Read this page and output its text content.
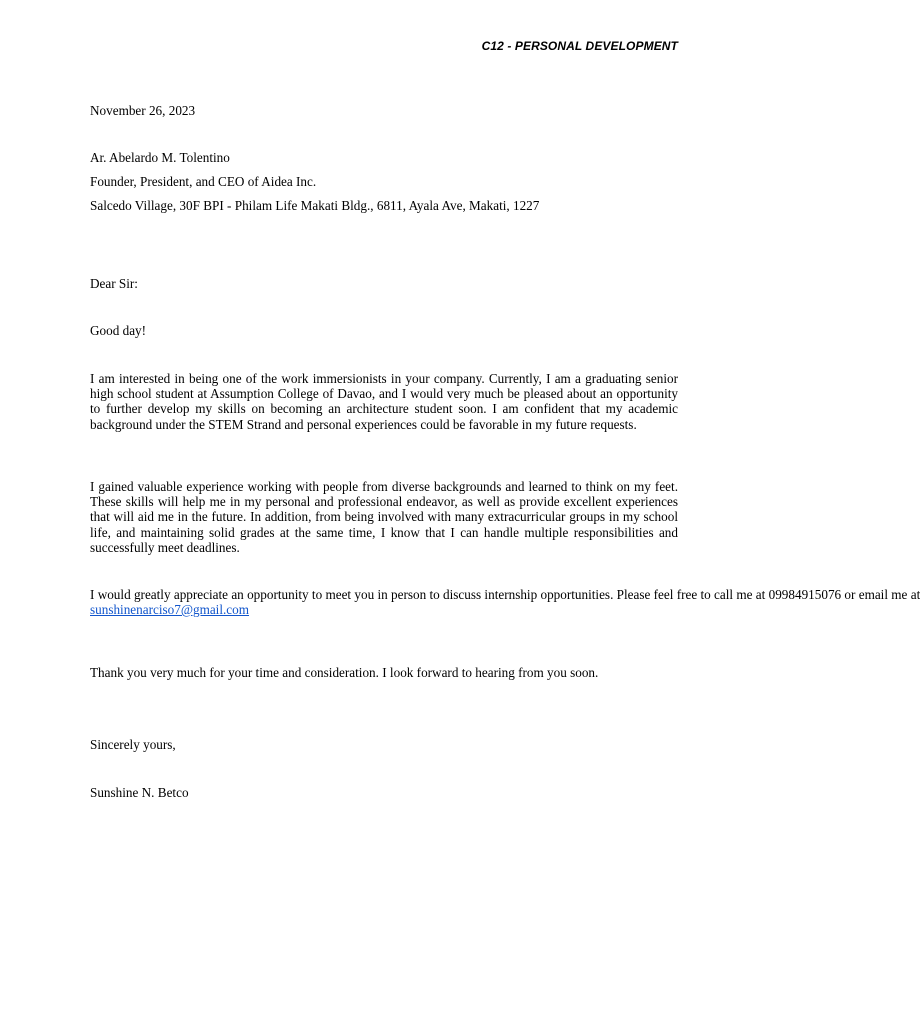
C12 - PERSONAL DEVELOPMENT
November 26, 2023
Ar. Abelardo M. Tolentino
Founder, President, and CEO of Aidea Inc.
Salcedo Village, 30F BPI - Philam Life Makati Bldg., 6811, Ayala Ave, Makati, 1227
Dear Sir:
Good day!
I am interested in being one of the work immersionists in your company. Currently, I am a graduating senior high school student at Assumption College of Davao, and I would very much be pleased about an opportunity to further develop my skills on becoming an architecture student soon. I am confident that my academic background under the STEM Strand and personal experiences could be favorable in my future requests.
I gained valuable experience working with people from diverse backgrounds and learned to think on my feet. These skills will help me in my personal and professional endeavor, as well as provide excellent experiences that will aid me in the future. In addition, from being involved with many extracurricular groups in my school life, and maintaining solid grades at the same time, I know that I can handle multiple responsibilities and successfully meet deadlines.
I would greatly appreciate an opportunity to meet you in person to discuss internship opportunities. Please feel free to call me at 09984915076 or email me at
sunshinenarciso7@gmail.com
Thank you very much for your time and consideration. I look forward to hearing from you soon.
Sincerely yours,
Sunshine N. Betco
